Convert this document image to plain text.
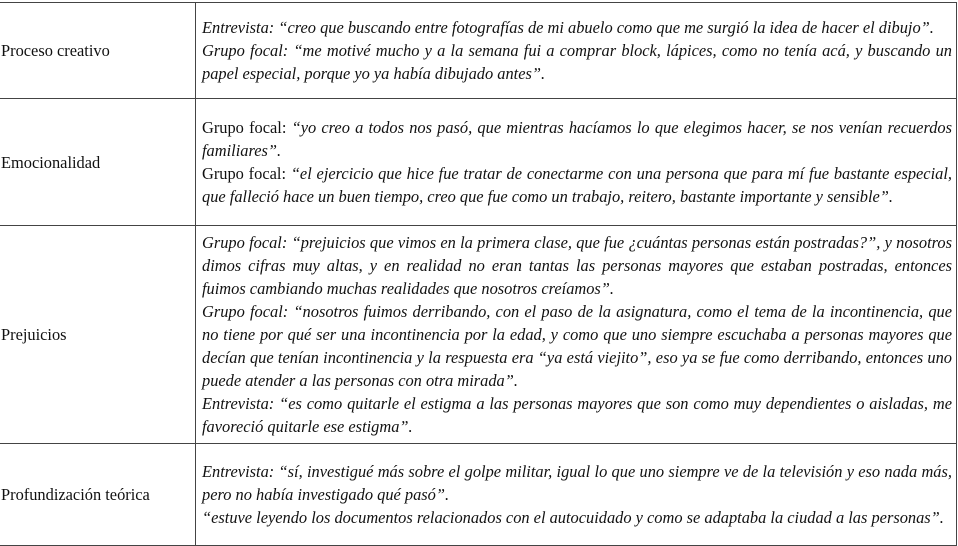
Proceso creativo	Entrevista: “creo que buscando entre fotografías de mi abuelo como que me surgió la idea de hacer el dibujo”.
Grupo focal: “me motivé mucho y a la semana fui a comprar block, lápices, como no tenía acá, y buscando un papel especial, porque yo ya había dibujado antes”.

Emocionalidad	Grupo focal: “yo creo a todos nos pasó, que mientras hacíamos lo que elegimos hacer, se nos venían recuerdos familiares”.
Grupo focal: “el ejercicio que hice fue tratar de conectarme con una persona que para mí fue bastante especial, que falleció hace un buen tiempo, creo que fue como un trabajo, reitero, bastante importante y sensible”.

Prejuicios	Grupo focal: “prejuicios que vimos en la primera clase, que fue ¿cuántas personas están postradas?”, y nosotros dimos cifras muy altas, y en realidad no eran tantas las personas mayores que estaban postradas, entonces fuimos cambiando muchas realidades que nosotros creíamos”.
Grupo focal: “nosotros fuimos derribando, con el paso de la asignatura, como el tema de la incontinencia, que no tiene por qué ser una incontinencia por la edad, y como que uno siempre escuchaba a personas mayores que decían que tenían incontinencia y la respuesta era “ya está viejito”, eso ya se fue como derribando, entonces uno puede atender a las personas con otra mirada”.
Entrevista: “es como quitarle el estigma a las personas mayores que son como muy dependientes o aisladas, me favoreció quitarle ese estigma”.

Profundización teórica	Entrevista: “sí, investigué más sobre el golpe militar, igual lo que uno siempre ve de la televisión y eso nada más, pero no había investigado qué pasó”.
“estuve leyendo los documentos relacionados con el autocuidado y como se adaptaba la ciudad a las personas”.
